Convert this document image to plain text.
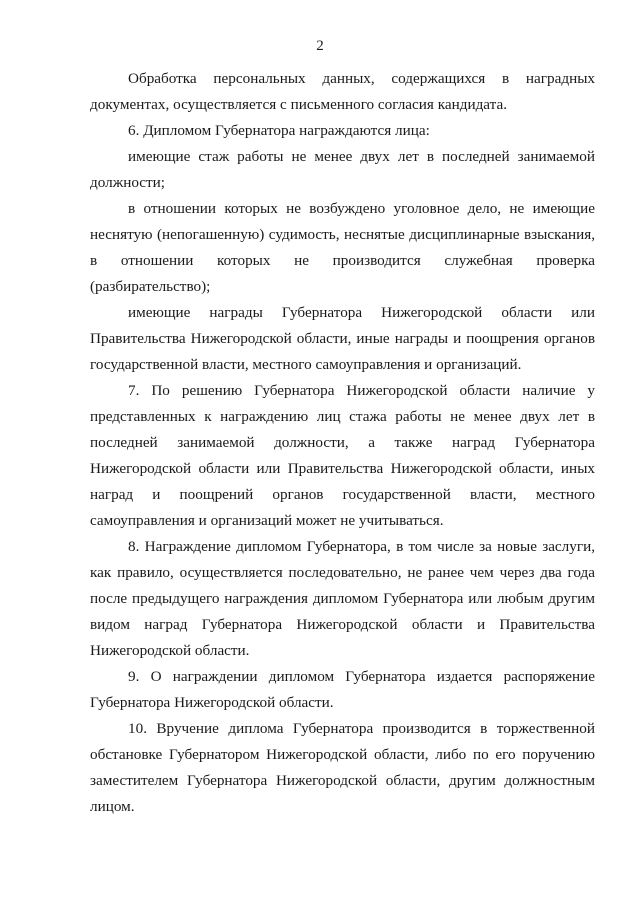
2

Обработка персональных данных, содержащихся в наградных документах, осуществляется с письменного согласия кандидата.

6. Дипломом Губернатора награждаются лица:

имеющие стаж работы не менее двух лет в последней занимаемой должности;

в отношении которых не возбуждено уголовное дело, не имеющие неснятую (непогашенную) судимость, неснятые дисциплинарные взыскания, в отношении которых не производится служебная проверка (разбирательство);

имеющие награды Губернатора Нижегородской области или Правительства Нижегородской области, иные награды и поощрения органов государственной власти, местного самоуправления и организаций.

7. По решению Губернатора Нижегородской области наличие у представленных к награждению лиц стажа работы не менее двух лет в последней занимаемой должности, а также наград Губернатора Нижегородской области или Правительства Нижегородской области, иных наград и поощрений органов государственной власти, местного самоуправления и организаций может не учитываться.

8. Награждение дипломом Губернатора, в том числе за новые заслуги, как правило, осуществляется последовательно, не ранее чем через два года после предыдущего награждения дипломом Губернатора или любым другим видом наград Губернатора Нижегородской области и Правительства Нижегородской области.

9. О награждении дипломом Губернатора издается распоряжение Губернатора Нижегородской области.

10. Вручение диплома Губернатора производится в торжественной обстановке Губернатором Нижегородской области, либо по его поручению заместителем Губернатора Нижегородской области, другим должностным лицом.
